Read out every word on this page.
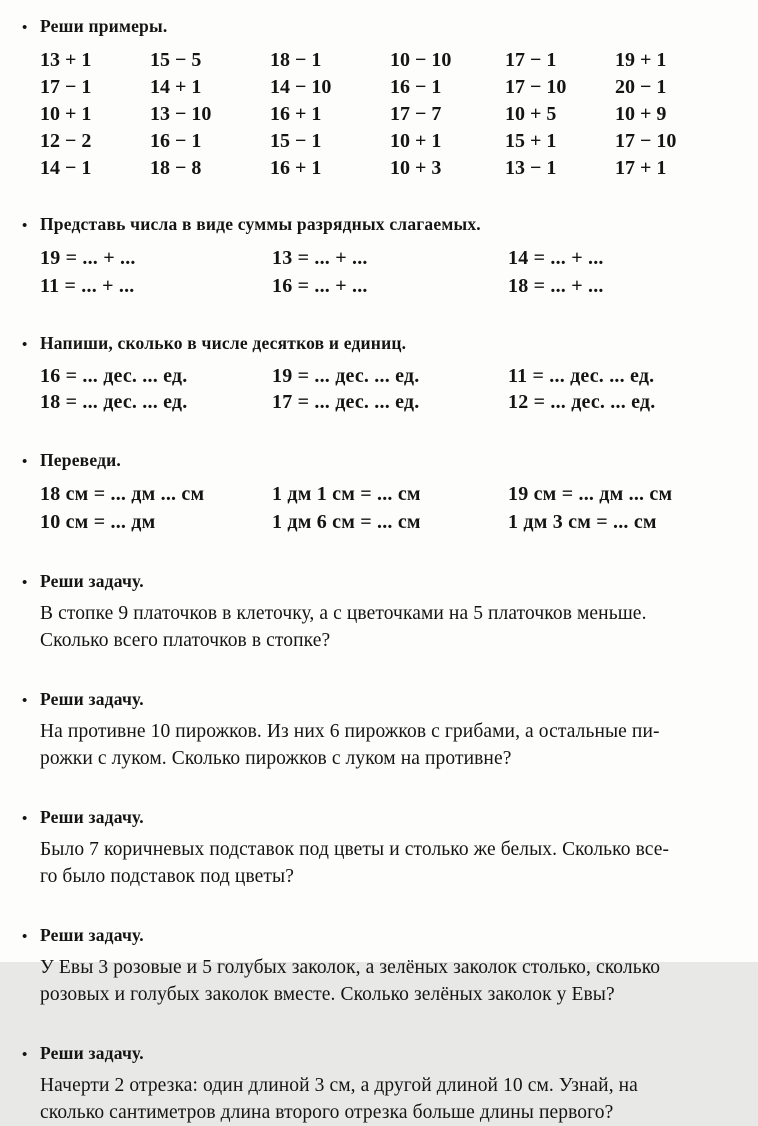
• Реши примеры.
13 + 1	15 − 5	18 − 1	10 − 10	17 − 1	19 + 1
17 − 1	14 + 1	14 − 10	16 − 1	17 − 10	20 − 1
10 + 1	13 − 10	16 + 1	17 − 7	10 + 5	10 + 9
12 − 2	16 − 1	15 − 1	10 + 1	15 + 1	17 − 10
14 − 1	18 − 8	16 + 1	10 + 3	13 − 1	17 + 1
• Представь числа в виде суммы разрядных слагаемых.
19 = ... + ...	13 = ... + ...	14 = ... + ...
11 = ... + ...	16 = ... + ...	18 = ... + ...
• Напиши, сколько в числе десятков и единиц.
16 = ... дес. ... ед.	19 = ... дес. ... ед.	11 = ... дес. ... ед.
18 = ... дес. ... ед.	17 = ... дес. ... ед.	12 = ... дес. ... ед.
• Переведи.
18 см = ... дм ... см	1 дм 1 см = ... см	19 см = ... дм ... см
10 см = ... дм	1 дм 6 см = ... см	1 дм 3 см = ... см
• Реши задачу.
В стопке 9 платочков в клеточку, а с цветочками на 5 платочков меньше.
Сколько всего платочков в стопке?
• Реши задачу.
На противне 10 пирожков. Из них 6 пирожков с грибами, а остальные пи-
рожки с луком. Сколько пирожков с луком на противне?
• Реши задачу.
Было 7 коричневых подставок под цветы и столько же белых. Сколько все-
го было подставок под цветы?
• Реши задачу.
У Евы 3 розовые и 5 голубых заколок, а зелёных заколок столько, сколько
розовых и голубых заколок вместе. Сколько зелёных заколок у Евы?
• Реши задачу.
Начерти 2 отрезка: один длиной 3 см, а другой длиной 10 см. Узнай, на
сколько сантиметров длина второго отрезка больше длины первого?
